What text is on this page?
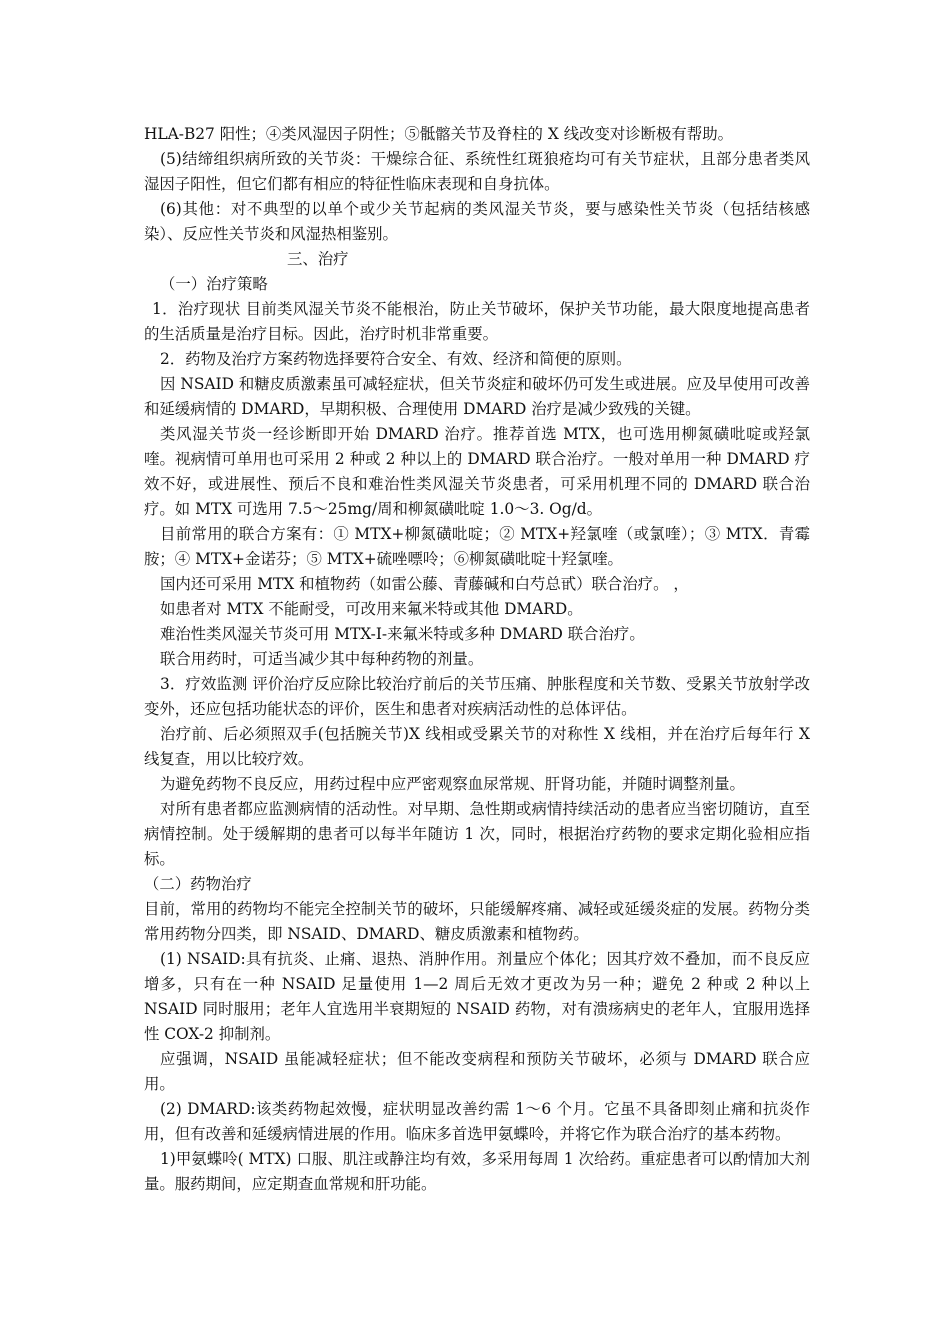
HLA-B27 阳性；④类风湿因子阴性；⑤骶髂关节及脊柱的 X 线改变对诊断极有帮助。

(5)结缔组织病所致的关节炎：干燥综合征、系统性红斑狼疮均可有关节症状，且部分患者类风湿因子阳性，但它们都有相应的特征性临床表现和自身抗体。

(6)其他：对不典型的以单个或少关节起病的类风湿关节炎，要与感染性关节炎（包括结核感染）、反应性关节炎和风湿热相鉴别。

三、治疗

（一）治疗策略

1．治疗现状 目前类风湿关节炎不能根治，防止关节破坏，保护关节功能，最大限度地提高患者的生活质量是治疗目标。因此，治疗时机非常重要。

2．药物及治疗方案药物选择要符合安全、有效、经济和简便的原则。

因 NSAID 和糖皮质激素虽可减轻症状，但关节炎症和破坏仍可发生或进展。应及早使用可改善和延缓病情的 DMARD，早期积极、合理使用 DMARD 治疗是减少致残的关键。

类风湿关节炎一经诊断即开始 DMARD 治疗。推荐首选 MTX，也可选用柳氮磺吡啶或羟氯喹。视病情可单用也可采用 2 种或 2 种以上的 DMARD 联合治疗。一般对单用一种 DMARD 疗效不好，或进展性、预后不良和难治性类风湿关节炎患者，可采用机理不同的 DMARD 联合治疗。如 MTX 可选用 7.5～25mg/周和柳氮磺吡啶 1.0～3. Og/d。

目前常用的联合方案有：① MTX+柳氮磺吡啶；② MTX+羟氯喹（或氯喹）；③ MTX．青霉胺；④ MTX+金诺芬；⑤ MTX+硫唑嘌呤；⑥柳氮磺吡啶十羟氯喹。

国内还可采用 MTX 和植物药（如雷公藤、青藤碱和白芍总甙）联合治疗。 ，

如患者对 MTX 不能耐受，可改用来氟米特或其他 DMARD。

难治性类风湿关节炎可用 MTX-I-来氟米特或多种 DMARD 联合治疗。

联合用药时，可适当减少其中每种药物的剂量。

3．疗效监测 评价治疗反应除比较治疗前后的关节压痛、肿胀程度和关节数、受累关节放射学改变外，还应包括功能状态的评价，医生和患者对疾病活动性的总体评估。

治疗前、后必须照双手(包括腕关节)X 线相或受累关节的对称性 X 线相，并在治疗后每年行 X 线复查，用以比较疗效。

为避免药物不良反应，用药过程中应严密观察血尿常规、肝肾功能，并随时调整剂量。

对所有患者都应监测病情的活动性。对早期、急性期或病情持续活动的患者应当密切随访，直至病情控制。处于缓解期的患者可以每半年随访 1 次，同时，根据治疗药物的要求定期化验相应指标。

（二）药物治疗

目前，常用的药物均不能完全控制关节的破坏，只能缓解疼痛、减轻或延缓炎症的发展。药物分类 常用药物分四类，即 NSAID、DMARD、糖皮质激素和植物药。

(1) NSAID:具有抗炎、止痛、退热、消肿作用。剂量应个体化；因其疗效不叠加，而不良反应增多，只有在一种 NSAID 足量使用 1—2 周后无效才更改为另一种；避免 2 种或 2 种以上 NSAID 同时服用；老年人宜选用半衰期短的 NSAID 药物，对有溃疡病史的老年人，宜服用选择性 COX-2 抑制剂。

应强调，NSAID 虽能减轻症状；但不能改变病程和预防关节破坏，必须与 DMARD 联合应用。

(2) DMARD:该类药物起效慢，症状明显改善约需 1～6 个月。它虽不具备即刻止痛和抗炎作用，但有改善和延缓病情进展的作用。临床多首选甲氨蝶呤，并将它作为联合治疗的基本药物。

1)甲氨蝶呤( MTX) 口服、肌注或静注均有效，多采用每周 1 次给药。重症患者可以酌情加大剂量。服药期间，应定期查血常规和肝功能。
